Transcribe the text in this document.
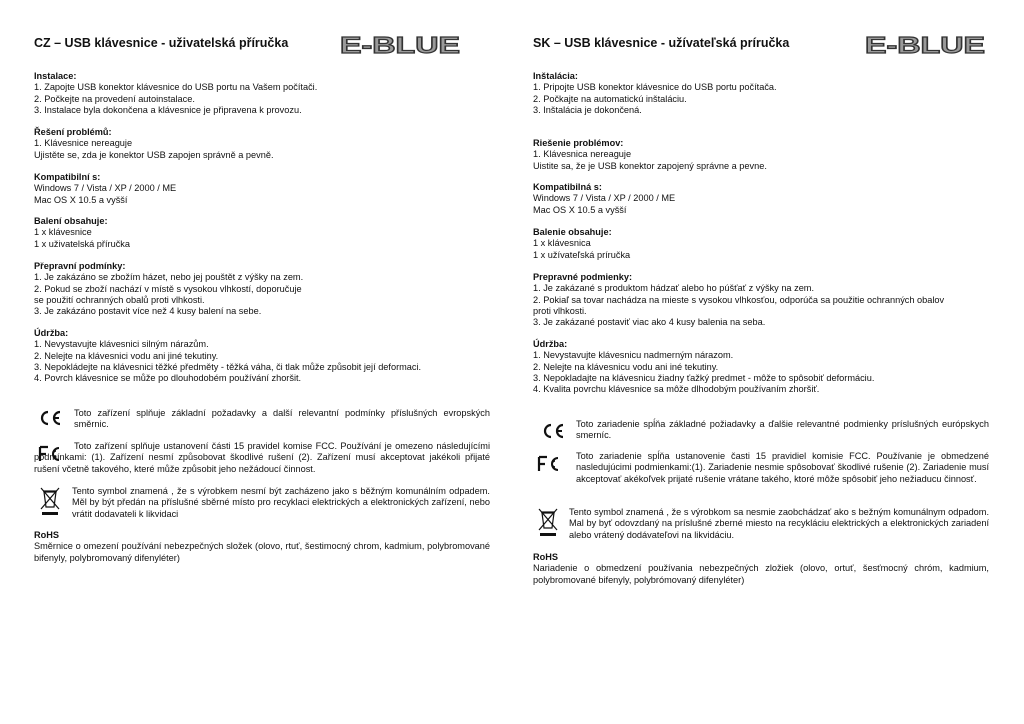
CZ – USB klávesnice - uživatelská příručka E-BLUE
Instalace:
1. Zapojte USB konektor klávesnice do USB portu na Vašem počítači.
2. Počkejte na provedení autoinstalace.
3. Instalace byla dokončena a klávesnice je připravena k provozu.
Řešení problémů:
1. Klávesnice nereaguje
Ujistěte se, zda je konektor USB zapojen správně a pevně.
Kompatibilní s:
Windows 7 / Vista / XP / 2000 / ME
Mac OS X 10.5 a vyšší
Balení obsahuje:
1 x klávesnice
1 x uživatelská příručka
Přepravní podmínky:
1. Je zakázáno se zbožím házet, nebo jej pouštět z výšky na zem.
2. Pokud se zboží nachází v místě s vysokou vlhkostí, doporučuje
se použití ochranných obalů proti vlhkosti.
3. Je zakázáno postavit více než 4 kusy balení na sebe.
Údržba:
1. Nevystavujte klávesnici silným nárazům.
2. Nelejte na klávesnici vodu ani jiné tekutiny.
3. Nepokládejte na klávesnici těžké předměty - těžká váha, či tlak může způsobit její deformaci.
4. Povrch klávesnice se může po dlouhodobém používání zhoršit.
Toto zařízení splňuje základní požadavky a další relevantní podmínky příslušných evropských směrnic.
Toto zařízení splňuje ustanovení části 15 pravidel komise FCC. Používání je omezeno následujícími podmínkami: (1). Zařízení nesmí způsobovat škodlivé rušení (2). Zařízení musí akceptovat jakékoli přijaté rušení včetně takového, které může způsobit jeho nežádoucí činnost.
Tento symbol znamená , že s výrobkem nesmí být zacházeno jako s běžným komunálním odpadem. Měl by být předán na příslušné sběrné místo pro recyklaci elektrických a elektronických zařízení, nebo vrátit dodavateli k likvidaci
RoHS
Směrnice o omezení používání nebezpečných složek (olovo, rtuť, šestimocný chrom, kadmium, polybromované bifenyly, polybromovaný difenyléter)
SK – USB klávesnice - užívateľská príručka	E-BLUE
Inštalácia:
1. Pripojte USB konektor klávesnice do USB portu počítača.
2. Počkajte na automatickú inštaláciu.
3. Inštalácia je dokončená.
Riešenie problémov:
1. Klávesnica nereaguje
Uistite sa, že je USB konektor zapojený správne a pevne.
Kompatibilná s:
Windows 7 / Vista / XP / 2000 / ME
Mac OS X 10.5 a vyšší
Balenie obsahuje:
1 x klávesnica
1 x užívateľská príručka
Prepravné podmienky:
1. Je zakázané s produktom hádzať alebo ho púšťať z výšky na zem.
2. Pokiaľ sa tovar nachádza na mieste s vysokou vlhkosťou, odporúča sa použitie ochranných obalov
proti vlhkosti.
3. Je zakázané postaviť viac ako 4 kusy balenia na seba.
Údržba:
1. Nevystavujte klávesnicu nadmerným nárazom.
2. Nelejte na klávesnicu vodu ani iné tekutiny.
3. Nepokladajte na klávesnicu žiadny ťažký predmet - môže to spôsobiť deformáciu.
4. Kvalita povrchu klávesnice sa môže dlhodobým používaním zhoršiť.
Toto zariadenie spĺňa základné požiadavky a ďalšie relevantné podmienky príslušných európskych smerníc.
Toto zariadenie spĺňa ustanovenie časti 15 pravidiel komisie FCC. Používanie je obmedzené nasledujúcimi podmienkami:(1). Zariadenie nesmie spôsobovať škodlivé rušenie (2). Zariadenie musí akceptovať akékoľvek prijaté rušenie vrátane takého, ktoré môže spôsobiť jeho nežiaducu činnosť.
Tento symbol znamená , že s výrobkom sa nesmie zaobchádzať ako s bežným komunálnym odpadom. Mal by byť odovzdaný na príslušné zberné miesto na recykláciu elektrických a elektronických zariadení alebo vrátený dodávateľovi na likvidáciu.
RoHS
Nariadenie o obmedzení používania nebezpečných zložiek (olovo, ortuť, šesťmocný chróm, kadmium, polybromované bifenyly, polybrómovaný difenyléter)
